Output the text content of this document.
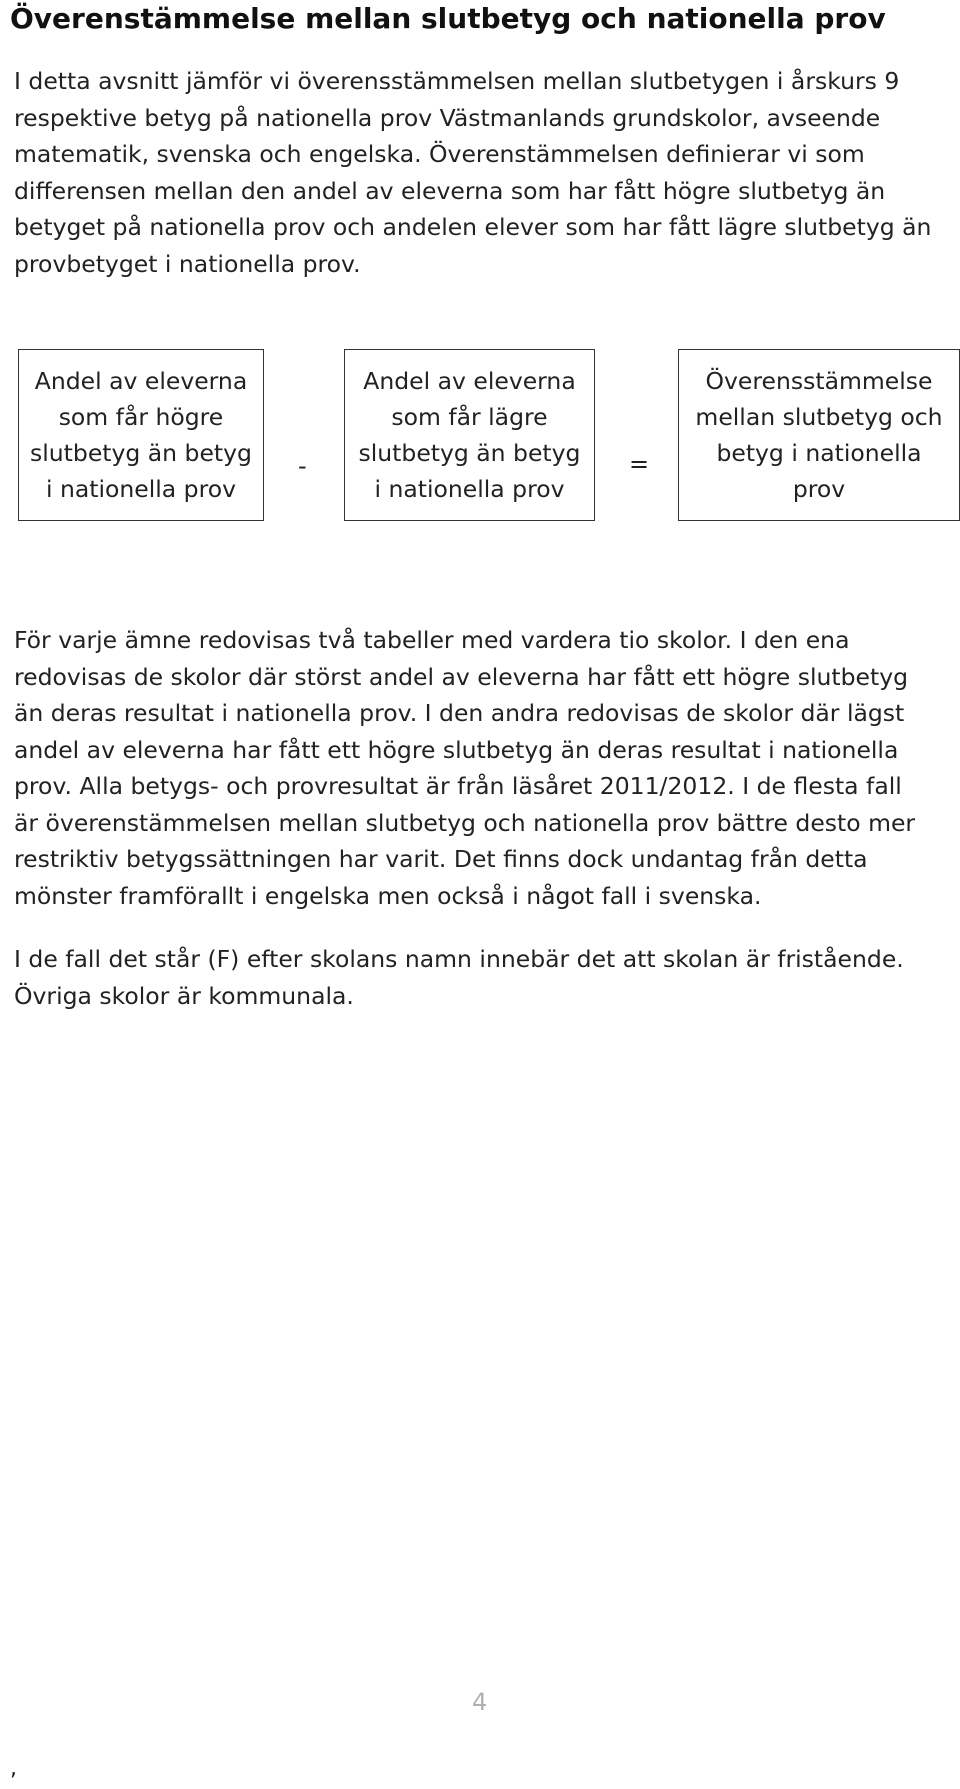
Överenstämmelse mellan slutbetyg och nationella prov

I detta avsnitt jämför vi överensstämmelsen mellan slutbetygen i årskurs 9
respektive betyg på nationella prov Västmanlands grundskolor, avseende
matematik, svenska och engelska. Överenstämmelsen definierar vi som
differensen mellan den andel av eleverna som har fått högre slutbetyg än
betyget på nationella prov och andelen elever som har fått lägre slutbetyg än
provbetyget i nationella prov.

Andel av eleverna
som får högre
slutbetyg än betyg
i nationella prov
-
Andel av eleverna
som får lägre
slutbetyg än betyg
i nationella prov
=
Överensstämmelse
mellan slutbetyg och
betyg i nationella
prov

För varje ämne redovisas två tabeller med vardera tio skolor. I den ena
redovisas de skolor där störst andel av eleverna har fått ett högre slutbetyg
än deras resultat i nationella prov. I den andra redovisas de skolor där lägst
andel av eleverna har fått ett högre slutbetyg än deras resultat i nationella
prov. Alla betygs- och provresultat är från läsåret 2011/2012. I de flesta fall
är överenstämmelsen mellan slutbetyg och nationella prov bättre desto mer
restriktiv betygssättningen har varit. Det finns dock undantag från detta
mönster framförallt i engelska men också i något fall i svenska.

I de fall det står (F) efter skolans namn innebär det att skolan är fristående.
Övriga skolor är kommunala.

4
,
